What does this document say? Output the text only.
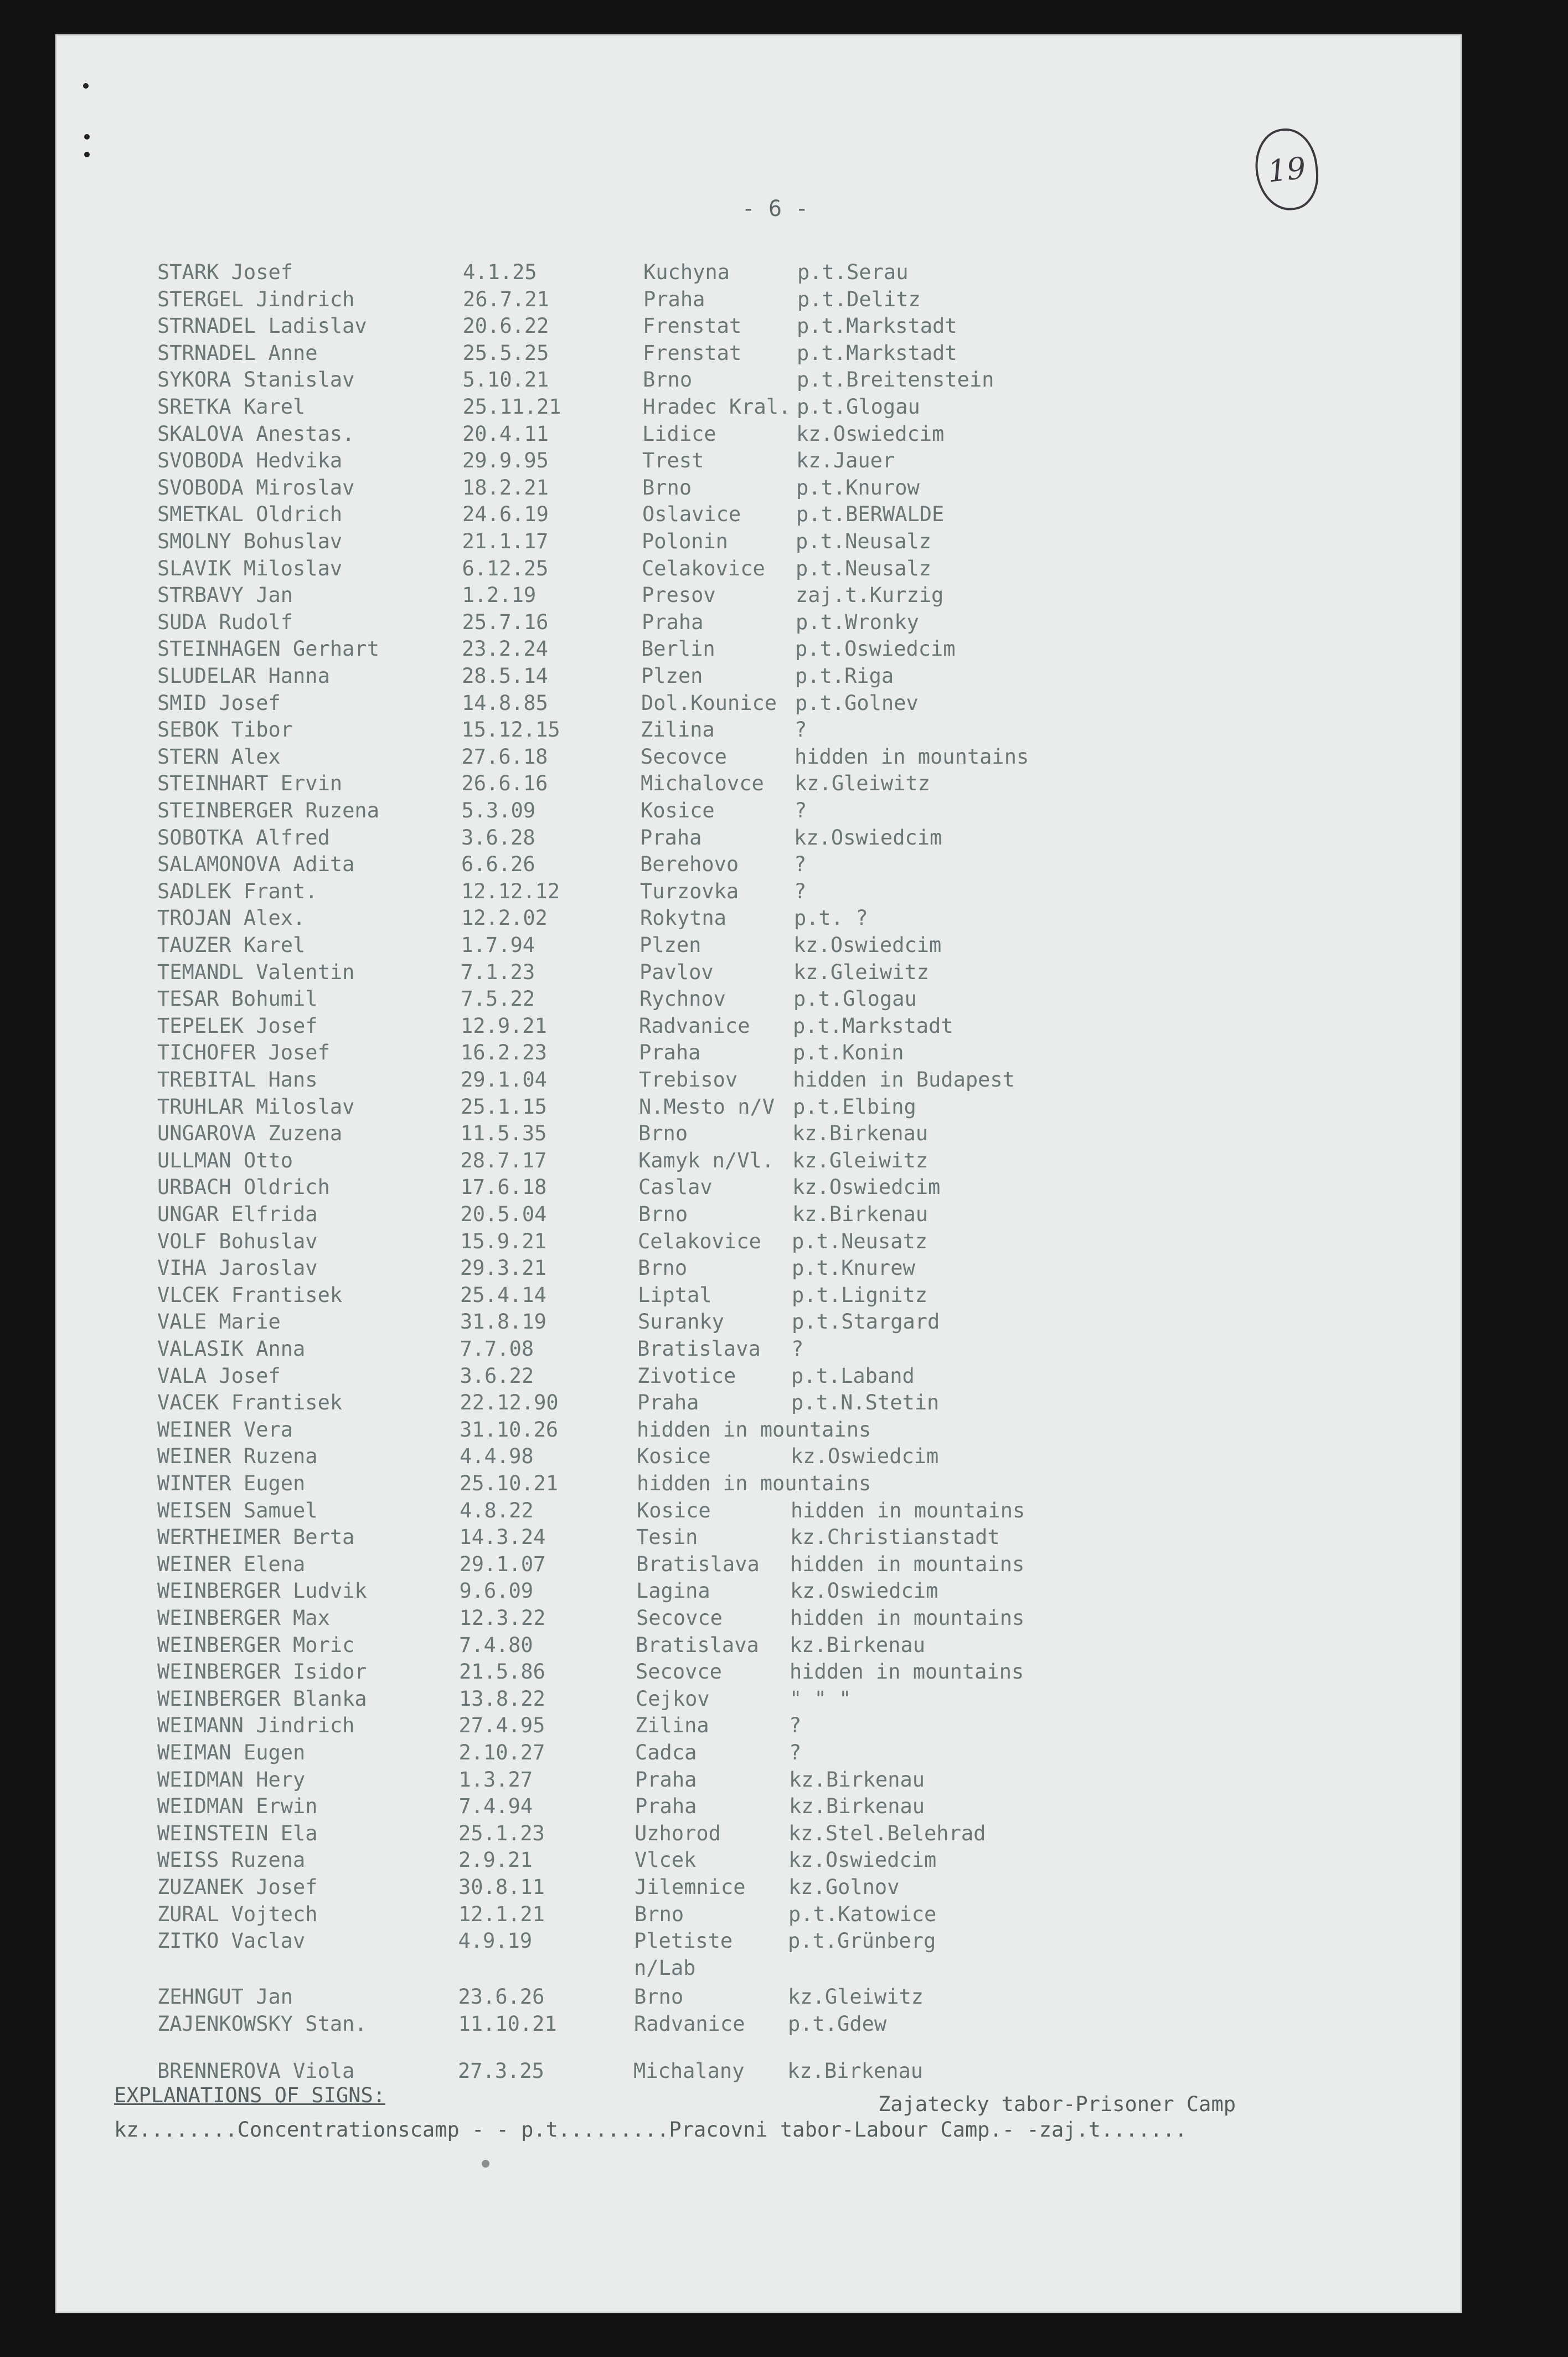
- 6 -
19
STARK Josef	4.1.25	Kuchyna	p.t.Serau
STERGEL Jindrich	26.7.21	Praha	p.t.Delitz
STRNADEL Ladislav	20.6.22	Frenstat	p.t.Markstadt
STRNADEL Anne	25.5.25	Frenstat	p.t.Markstadt
SYKORA Stanislav	5.10.21	Brno	p.t.Breitenstein
SRETKA Karel	25.11.21	Hradec Kral. p.t.Glogau
SKALOVA Anestas.	20.4.11	Lidice	kz.Oswiedcim
SVOBODA Hedvika	29.9.95	Trest	kz.Jauer
SVOBODA Miroslav	18.2.21	Brno	p.t.Knurow
SMETKAL Oldrich	24.6.19	Oslavice	p.t.BERWALDE
SMOLNY Bohuslav	21.1.17	Polonin	p.t.Neusalz
SLAVIK Miloslav	6.12.25	Celakovice p.t.Neusalz
STRBAVY Jan	1.2.19	Presov	zaj.t.Kurzig
SUDA Rudolf	25.7.16	Praha	p.t.Wronky
STEINHAGEN Gerhart	23.2.24	Berlin	p.t.Oswiedcim
SLUDELAR Hanna	28.5.14	Plzen	p.t.Riga
SMID Josef	14.8.85	Dol.Kounice p.t.Golnev
SEBOK Tibor	15.12.15	Zilina	?
STERN Alex	27.6.18	Secovce	hidden in mountains
STEINHART Ervin	26.6.16	Michalovce kz.Gleiwitz
STEINBERGER Ruzena	5.3.09	Kosice	?
SOBOTKA Alfred	3.6.28	Praha	kz.Oswiedcim
SALAMONOVA Adita	6.6.26	Berehovo	?
SADLEK Frant.	12.12.12	Turzovka	?
TROJAN Alex.	12.2.02	Rokytna	p.t. ?
TAUZER Karel	1.7.94	Plzen	kz.Oswiedcim
TEMANDL Valentin	7.1.23	Pavlov	kz.Gleiwitz
TESAR Bohumil	7.5.22	Rychnov	p.t.Glogau
TEPELEK Josef	12.9.21	Radvanice p.t.Markstadt
TICHOFER Josef	16.2.23	Praha	p.t.Konin
TREBITAL Hans	29.1.04	Trebisov	hidden in Budapest
TRUHLAR Miloslav	25.1.15	N.Mesto n/V p.t.Elbing
UNGAROVA Zuzena	11.5.35	Brno	kz.Birkenau
ULLMAN Otto	28.7.17	Kamyk n/Vl. kz.Gleiwitz
URBACH Oldrich	17.6.18	Caslav	kz.Oswiedcim
UNGAR Elfrida	20.5.04	Brno	kz.Birkenau
VOLF Bohuslav	15.9.21	Celakovice p.t.Neusatz
VIHA Jaroslav	29.3.21	Brno	p.t.Knurew
VLCEK Frantisek	25.4.14	Liptal	p.t.Lignitz
VALE Marie	31.8.19	Suranky	p.t.Stargard
VALASIK Anna	7.7.08	Bratislava ?
VALA Josef	3.6.22	Zivotice	p.t.Laband
VACEK Frantisek	22.12.90	Praha	p.t.N.Stetin
WEINER Vera	31.10.26	hidden in mountains
WEINER Ruzena	4.4.98	Kosice	kz.Oswiedcim
WINTER Eugen	25.10.21	hidden in mountains
WEISEN Samuel	4.8.22	Kosice	hidden in mountains
WERTHEIMER Berta	14.3.24	Tesin	kz.Christianstadt
WEINER Elena	29.1.07	Bratislava hidden in mountains
WEINBERGER Ludvik	9.6.09	Lagina	kz.Oswiedcim
WEINBERGER Max	12.3.22	Secovce	hidden in mountains
WEINBERGER Moric	7.4.80	Bratislava kz.Birkenau
WEINBERGER Isidor	21.5.86	Secovce	hidden in mountains
WEINBERGER Blanka	13.8.22	Cejkov	" " "
WEIMANN Jindrich	27.4.95	Zilina	?
WEIMAN Eugen	2.10.27	Cadca	?
WEIDMAN Hery	1.3.27	Praha	kz.Birkenau
WEIDMAN Erwin	7.4.94	Praha	kz.Birkenau
WEINSTEIN Ela	25.1.23	Uzhorod	kz.Stel.Belehrad
WEISS Ruzena	2.9.21	Vlcek	kz.Oswiedcim
ZUZANEK Josef	30.8.11	Jilemnice kz.Golnov
ZURAL Vojtech	12.1.21	Brno	p.t.Katowice
ZITKO Vaclav	4.9.19	Pletiste	p.t.Grünberg
n/Lab
ZEHNGUT Jan	23.6.26	Brno	kz.Gleiwitz
ZAJENKOWSKY Stan.	11.10.21	Radvanice p.t.Gdew
BRENNEROVA Viola	27.3.25	Michalany kz.Birkenau
EXPLANATIONS OF SIGNS:	Zajatecky tabor-Prisoner Camp
kz........Concentrationscamp - - p.t.........Pracovni tabor-Labour Camp.- -zaj.t.......
